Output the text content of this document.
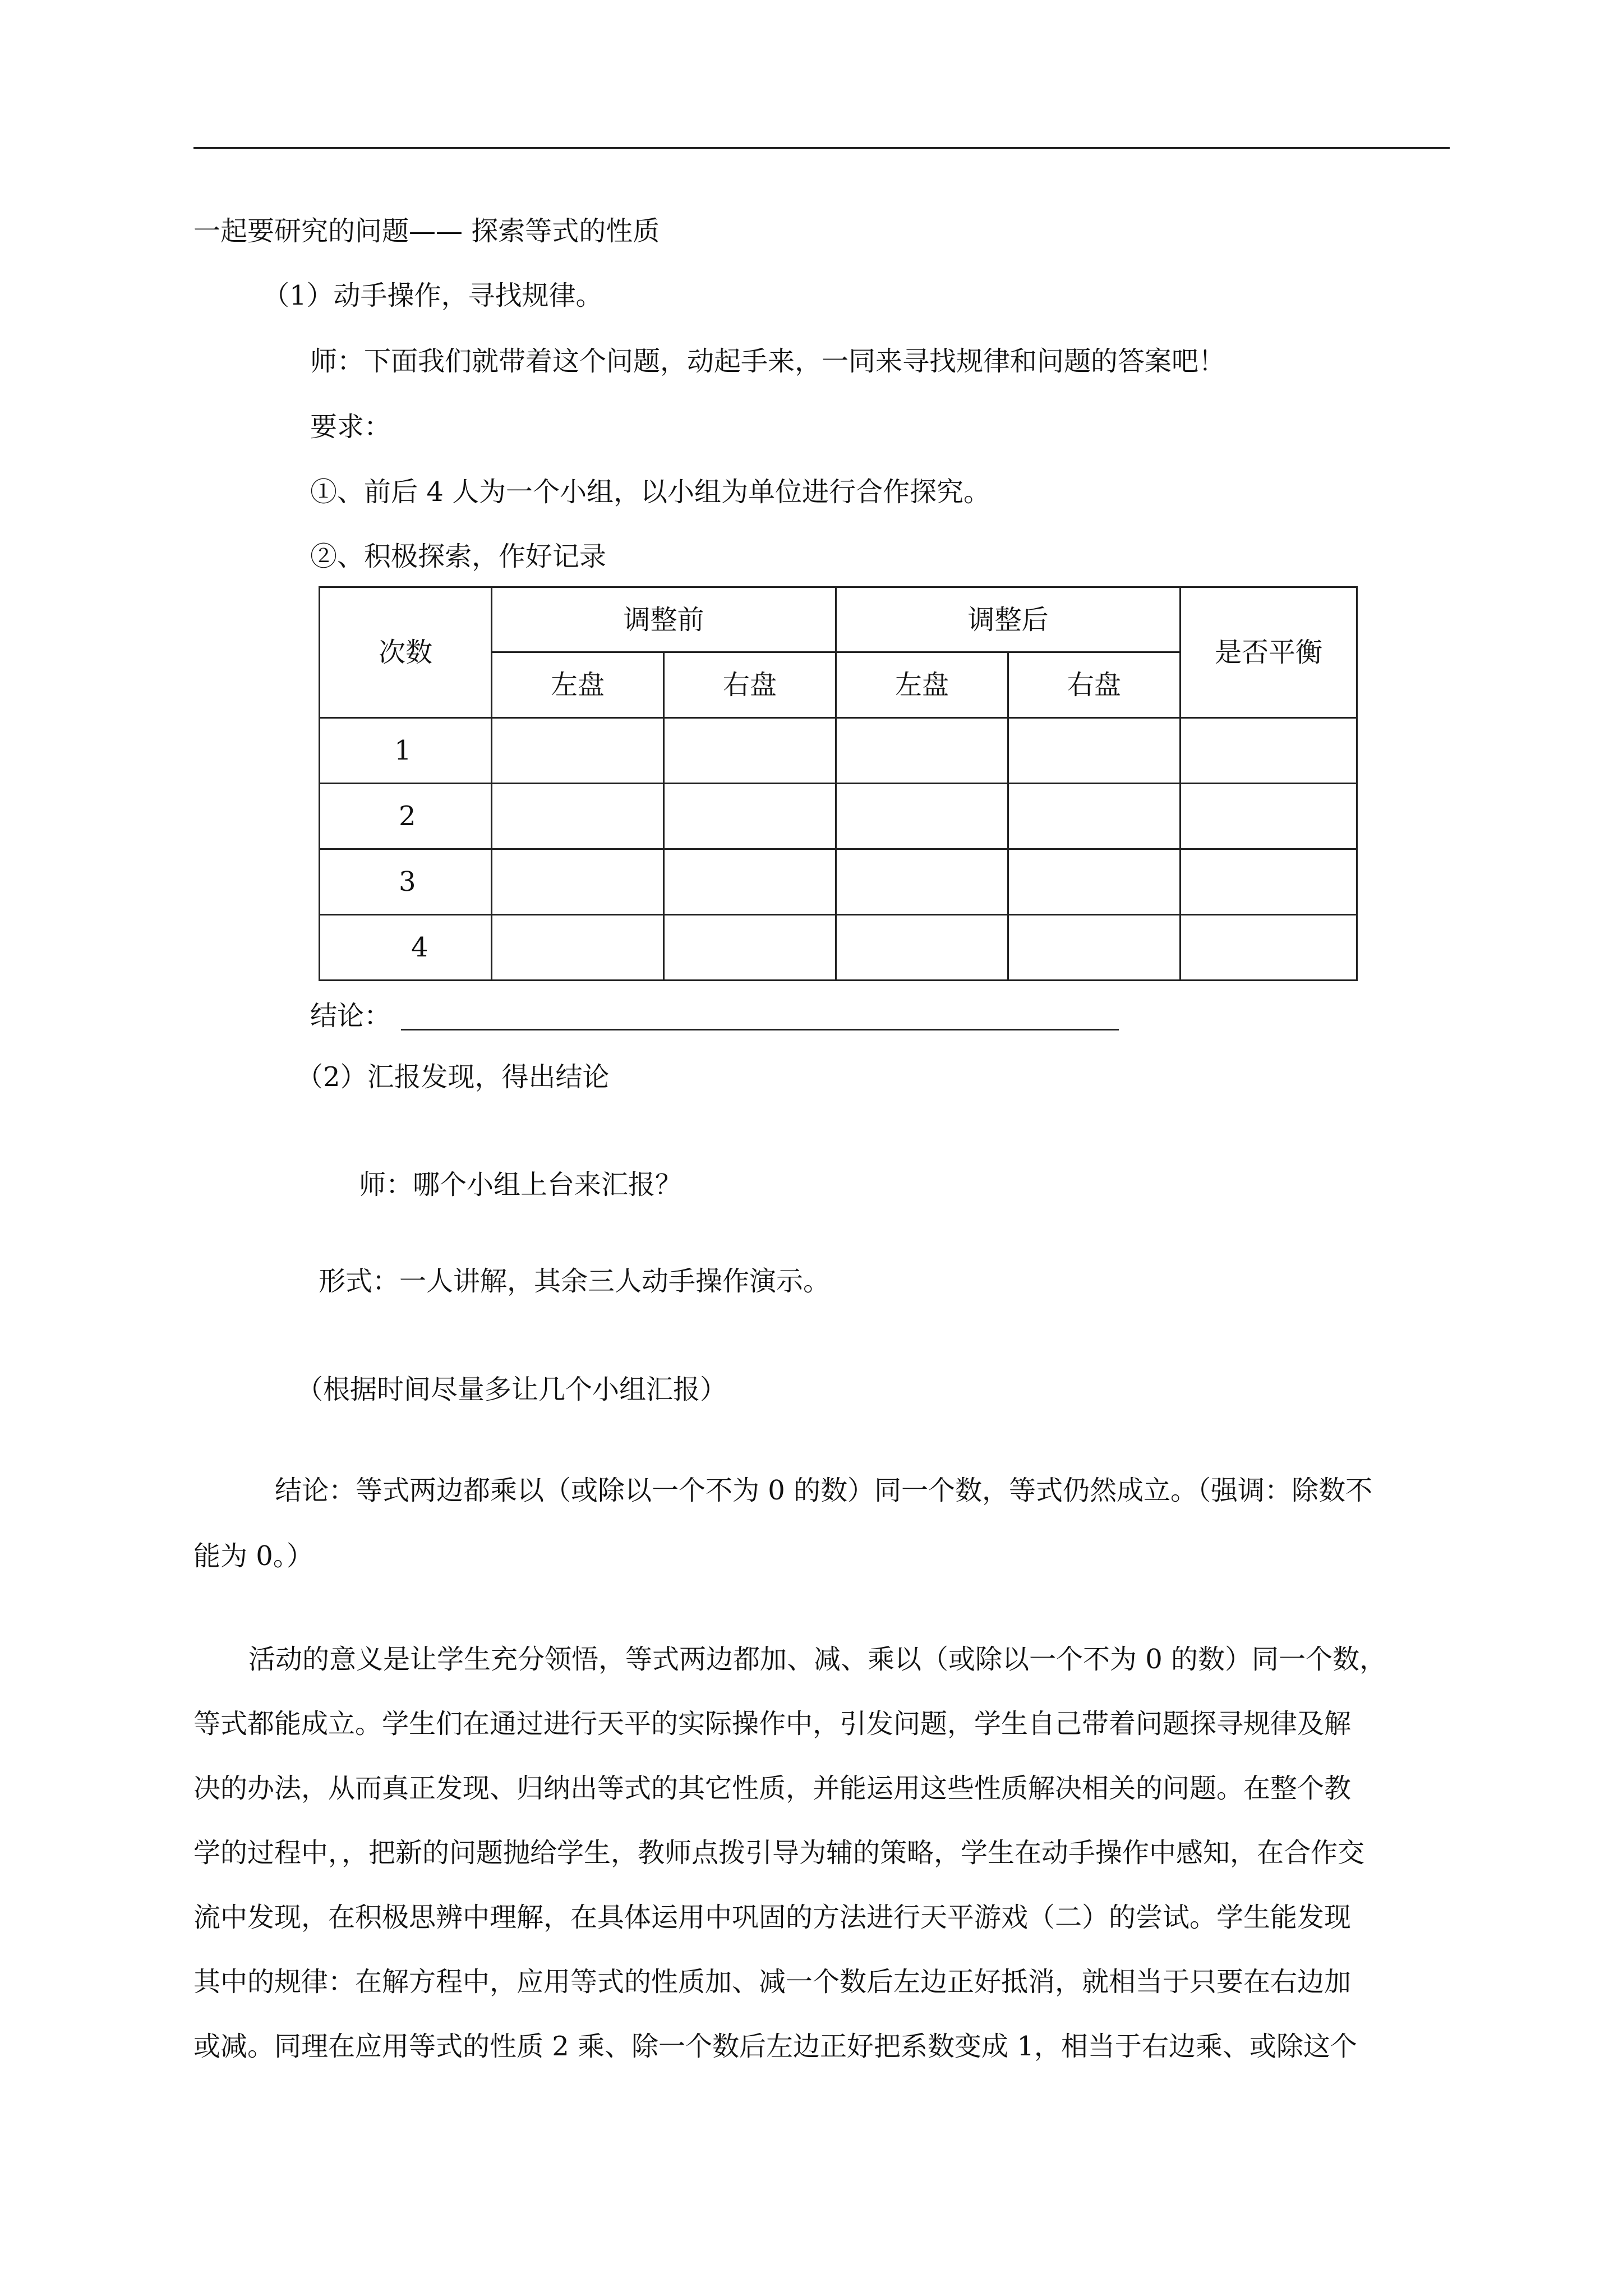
一起要研究的问题—— 探索等式的性质
（1）动手操作，寻找规律。
师：下面我们就带着这个问题，动起手来，一同来寻找规律和问题的答案吧！
要求：
①、前后 4 人为一个小组，以小组为单位进行合作探究。
②、积极探索，作好记录
次数	调整前		调整后		是否平衡
	左盘	右盘	左盘	右盘	
1					
2					
3					
4					
结论：
（2）汇报发现，得出结论
师：哪个小组上台来汇报？
形式：一人讲解，其余三人动手操作演示。
（根据时间尽量多让几个小组汇报）
结论：等式两边都乘以（或除以一个不为 0 的数）同一个数，等式仍然成立。（强调：除数不
能为 0。）
活动的意义是让学生充分领悟，等式两边都加、减、乘以（或除以一个不为 0 的数）同一个数，
等式都能成立。学生们在通过进行天平的实际操作中，引发问题，学生自己带着问题探寻规律及解
决的办法，从而真正发现、归纳出等式的其它性质，并能运用这些性质解决相关的问题。在整个教
学的过程中，，把新的问题抛给学生，教师点拨引导为辅的策略，学生在动手操作中感知，在合作交
流中发现，在积极思辨中理解，在具体运用中巩固的方法进行天平游戏（二）的尝试。学生能发现
其中的规律：在解方程中，应用等式的性质加、减一个数后左边正好抵消，就相当于只要在右边加
或减。同理在应用等式的性质 2 乘、除一个数后左边正好把系数变成 1，相当于右边乘、或除这个
